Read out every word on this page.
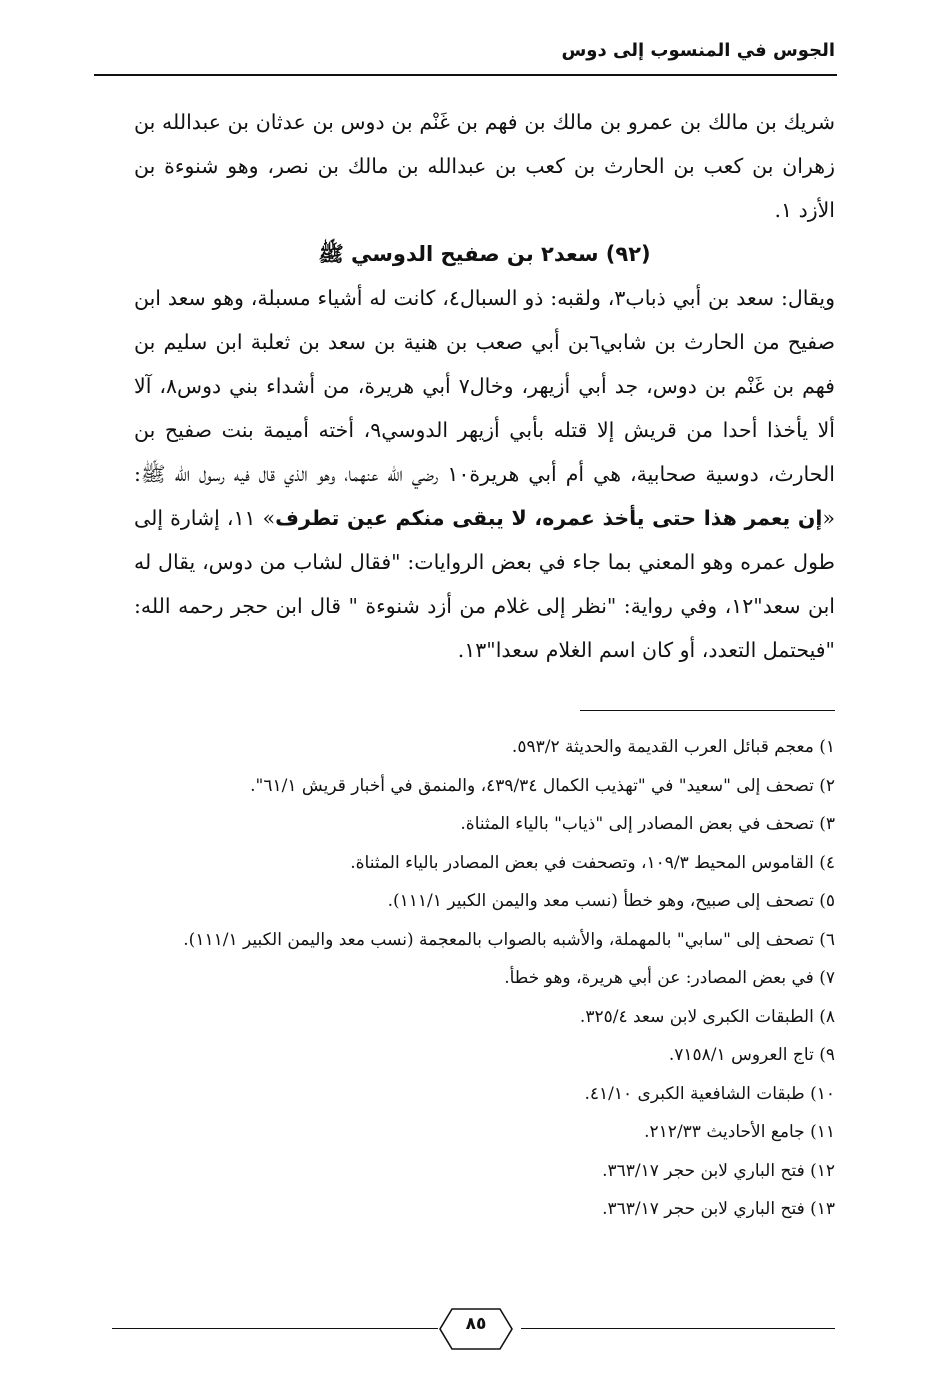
الجوس في المنسوب إلى دوس

شريك بن مالك بن عمرو بن مالك بن فهم بن غَنْم بن دوس بن عدثان بن عبدالله بن زهران بن كعب بن الحارث بن كعب بن عبدالله بن مالك بن نصر، وهو شنوءة بن الأزد ١.

(٩٢) سعد٢ بن صفيح الدوسي ﷺ

ويقال: سعد بن أبي ذباب٣، ولقبه: ذو السبال٤، كانت له أشياء مسبلة، وهو سعد ابن صفيح من الحارث بن شابي٦بن أبي صعب بن هنية بن سعد بن ثعلبة ابن سليم بن فهم بن غَنْم بن دوس، جد أبي أزيهر، وخال٧ أبي هريرة، من أشداء بني دوس٨، آلا ألا يأخذا أحدا من قريش إلا قتله بأبي أزيهر الدوسي٩، أخته أميمة بنت صفيح بن الحارث، دوسية صحابية، هي أم أبي هريرة١٠ رضي الله عنهما، وهو الذي قال فيه رسول الله ﷺ: «إن يعمر هذا حتى يأخذ عمره، لا يبقى منكم عين تطرف» ١١، إشارة إلى طول عمره وهو المعني بما جاء في بعض الروايات: "فقال لشاب من دوس، يقال له ابن سعد"١٢، وفي رواية: "نظر إلى غلام من أزد شنوءة " قال ابن حجر رحمه الله: "فيحتمل التعدد، أو كان اسم الغلام سعدا"١٣.

١) معجم قبائل العرب القديمة والحديثة ٥٩٣/٢.
٢) تصحف إلى "سعيد" في "تهذيب الكمال ٤٣٩/٣٤، والمنمق في أخبار قريش ٦١/١".
٣) تصحف في بعض المصادر إلى "ذياب" بالياء المثناة.
٤) القاموس المحيط ١٠٩/٣، وتصحفت في بعض المصادر بالياء المثناة.
٥) تصحف إلى صبيح، وهو خطأ (نسب معد واليمن الكبير ١١١/١).
٦) تصحف إلى "سابي" بالمهملة، والأشبه بالصواب بالمعجمة (نسب معد واليمن الكبير ١١١/١).
٧) في بعض المصادر: عن أبي هريرة، وهو خطأ.
٨) الطبقات الكبرى لابن سعد ٣٢٥/٤.
٩) تاج العروس ٧١٥٨/١.
١٠) طبقات الشافعية الكبرى ٤١/١٠.
١١) جامع الأحاديث ٢١٢/٣٣.
١٢) فتح الباري لابن حجر ٣٦٣/١٧.
١٣) فتح الباري لابن حجر ٣٦٣/١٧.
٨٥
